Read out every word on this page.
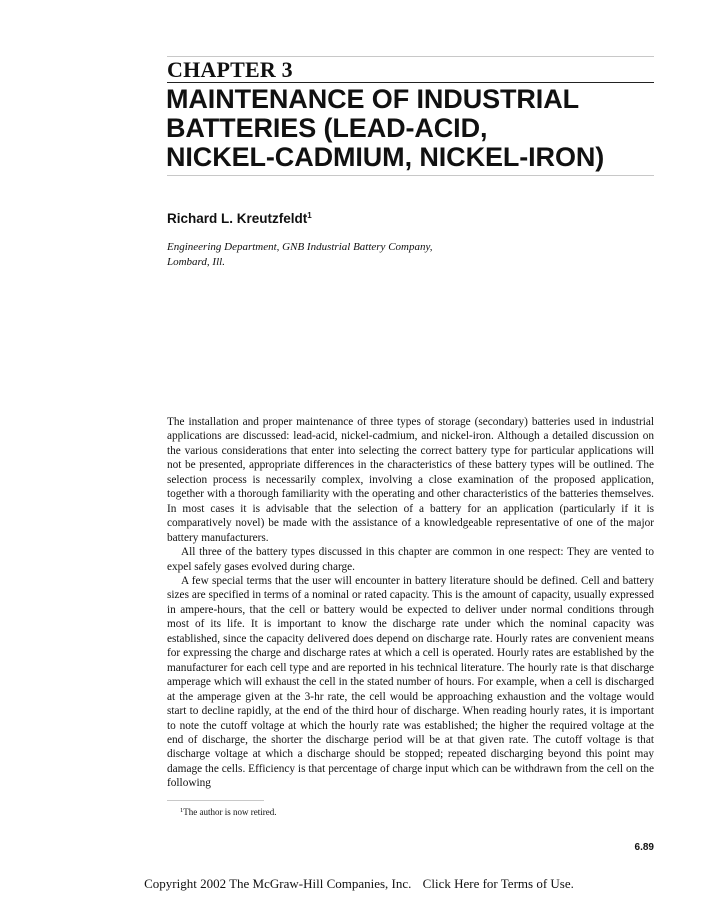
CHAPTER 3
MAINTENANCE OF INDUSTRIAL
BATTERIES (LEAD-ACID,
NICKEL-CADMIUM, NICKEL-IRON)
Richard L. Kreutzfeldt$^1$
Engineering Department, GNB Industrial Battery Company,
Lombard, Ill.

The installation and proper maintenance of three types of storage (secondary) batteries used in industrial applications are discussed: lead-acid, nickel-cadmium, and nickel-iron. Although a detailed discussion on the various considerations that enter into selecting the correct battery type for particular applications will not be presented, appropriate differences in the characteristics of these battery types will be outlined. The selection process is necessarily complex, involving a close examination of the proposed application, together with a thorough familiarity with the operating and other characteristics of the batteries themselves. In most cases it is advisable that the selection of a battery for an application (particularly if it is comparatively novel) be made with the assistance of a knowledgeable representative of one of the major battery manufacturers.

All three of the battery types discussed in this chapter are common in one respect: They are vented to expel safely gases evolved during charge.

A few special terms that the user will encounter in battery literature should be defined. Cell and battery sizes are specified in terms of a nominal or rated capacity. This is the amount of capacity, usually expressed in ampere-hours, that the cell or battery would be expected to deliver under normal conditions through most of its life. It is important to know the discharge rate under which the nominal capacity was established, since the capacity delivered does depend on discharge rate. Hourly rates are convenient means for expressing the charge and discharge rates at which a cell is operated. Hourly rates are established by the manufacturer for each cell type and are reported in his technical literature. The hourly rate is that discharge amperage which will exhaust the cell in the stated number of hours. For example, when a cell is discharged at the amperage given at the 3-hr rate, the cell would be approaching exhaustion and the voltage would start to decline rapidly, at the end of the third hour of discharge. When reading hourly rates, it is important to note the cutoff voltage at which the hourly rate was established; the higher the required voltage at the end of discharge, the shorter the discharge period will be at that given rate. The cutoff voltage is that discharge voltage at which a discharge should be stopped; repeated discharging beyond this point may damage the cells. Efficiency is that percentage of charge input which can be withdrawn from the cell on the following

$^1$The author is now retired.
6.89
Copyright 2002 The McGraw-Hill Companies, Inc. Click Here for Terms of Use.
